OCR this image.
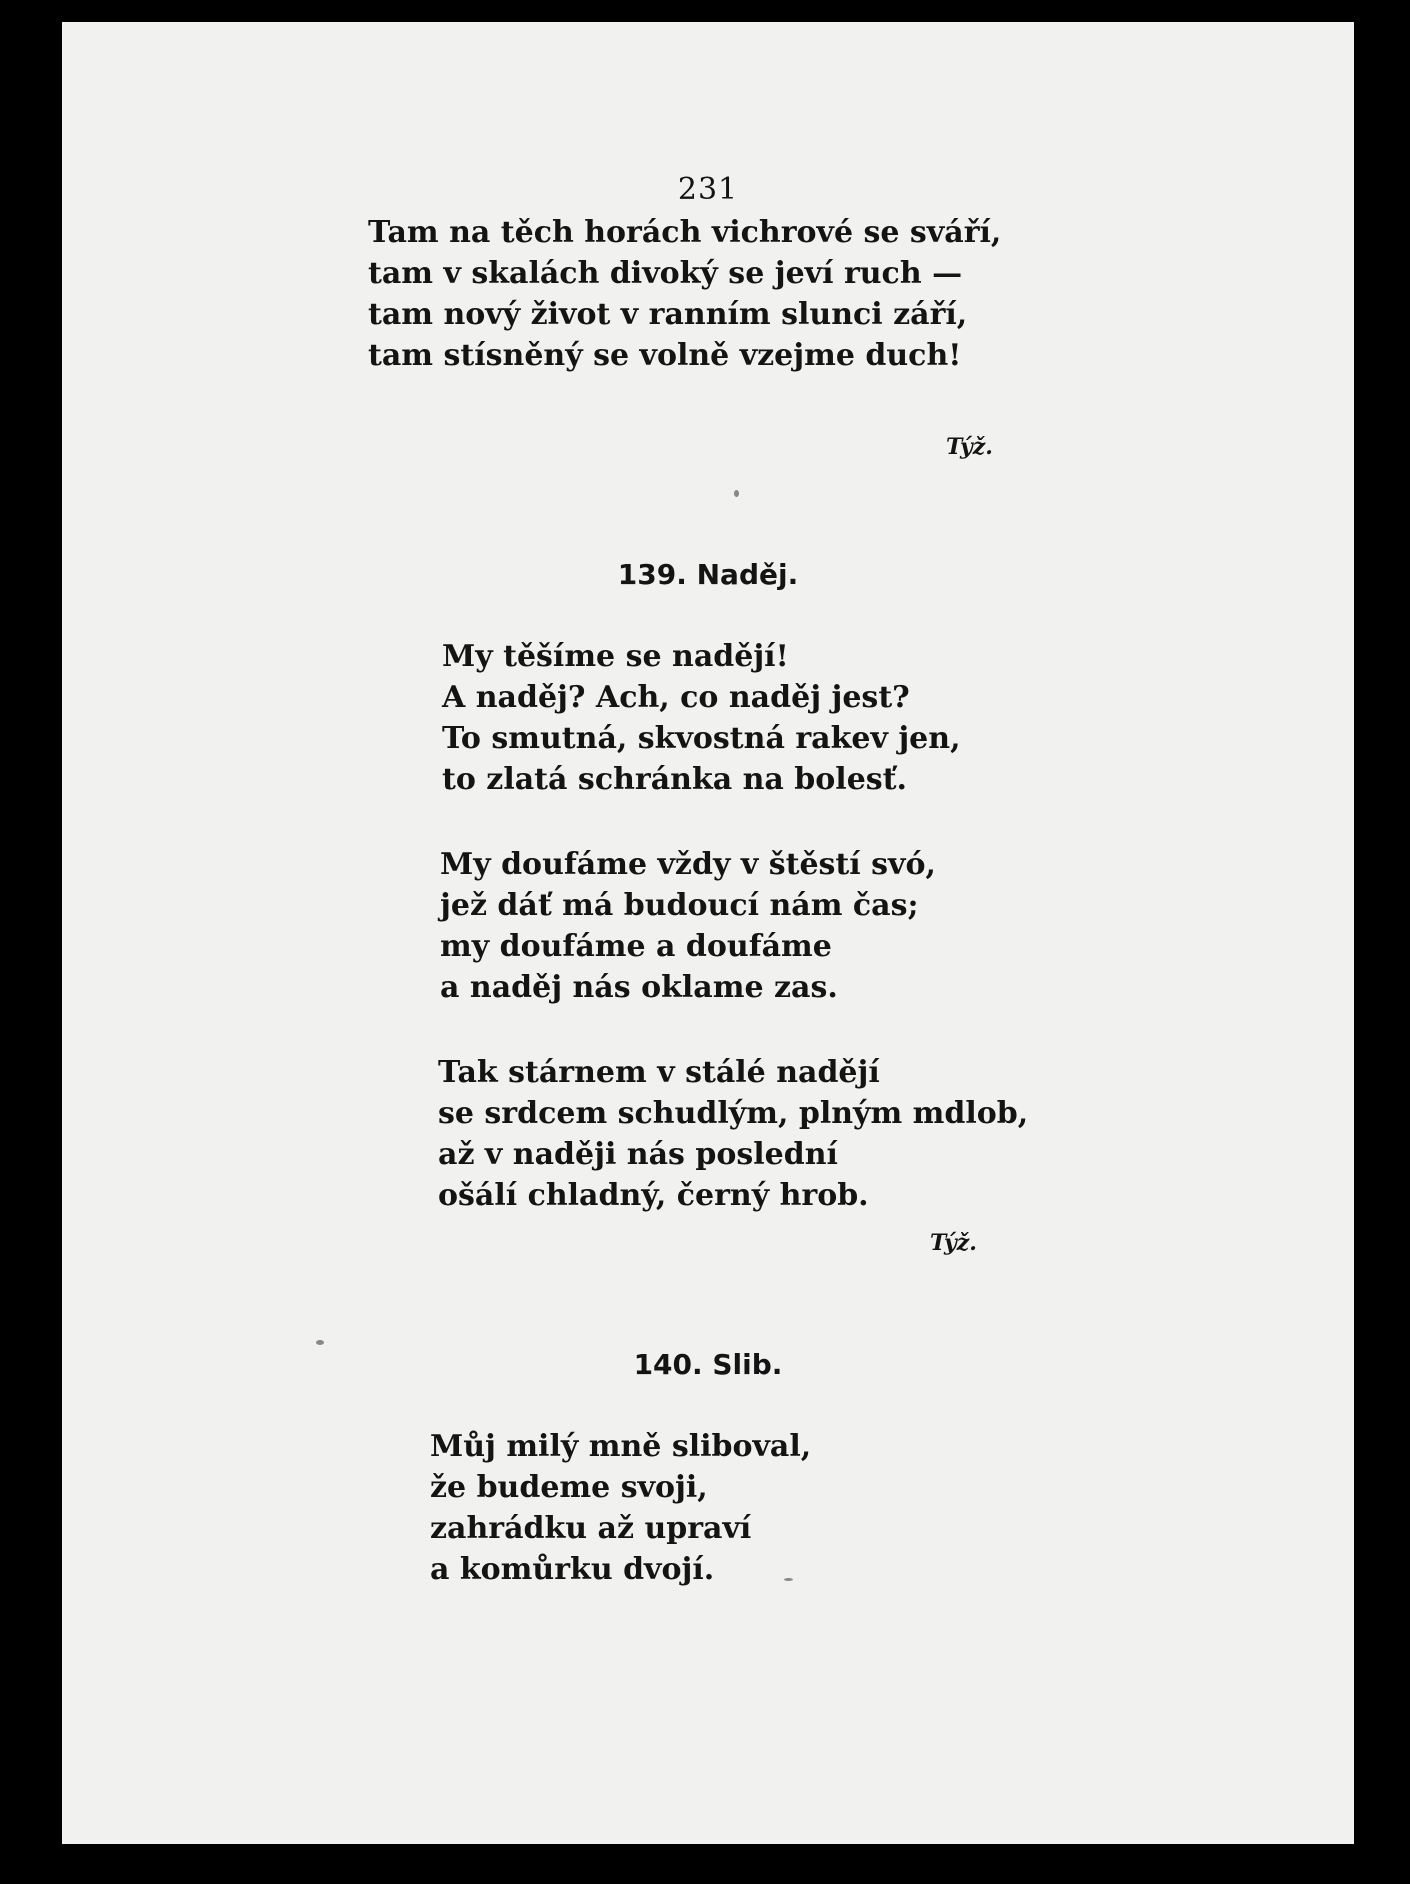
231
Tam na těch horách vichrové se sváří,
tam v skalách divoký se jeví ruch —
tam nový život v ranním slunci září,
tam stísněný se volně vzejme duch!
Týž.
139. Naděj.
My těšíme se nadějí!
A naděj? Ach, co naděj jest?
To smutná, skvostná rakev jen,
to zlatá schránka na bolesť.
My doufáme vždy v štěstí svó,
jež dáť má budoucí nám čas;
my doufáme a doufáme
a naděj nás oklame zas.
Tak stárnem v stálé nadějí
se srdcem schudlým, plným mdlob,
až v naději nás poslední
ošálí chladný, černý hrob.
Týž.
140. Slib.
Můj milý mně sliboval,
že budeme svoji,
zahrádku až upraví
a komůrku dvojí.
